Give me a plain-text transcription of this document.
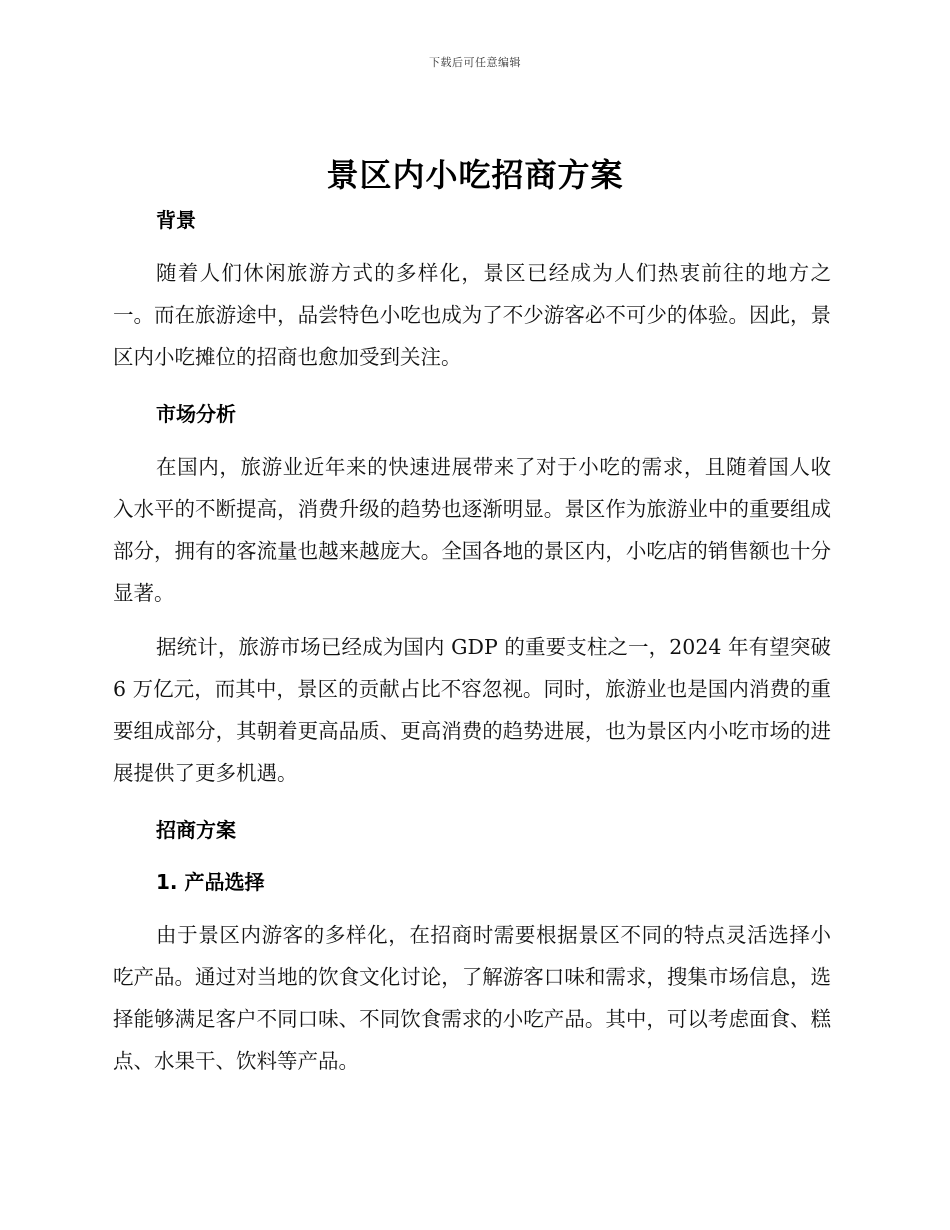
下载后可任意编辑
景区内小吃招商方案
背景

随着人们休闲旅游方式的多样化，景区已经成为人们热衷前往的地方之一。而在旅游途中，品尝特色小吃也成为了不少游客必不可少的体验。因此，景区内小吃摊位的招商也愈加受到关注。

市场分析

在国内，旅游业近年来的快速进展带来了对于小吃的需求，且随着国人收入水平的不断提高，消费升级的趋势也逐渐明显。景区作为旅游业中的重要组成部分，拥有的客流量也越来越庞大。全国各地的景区内，小吃店的销售额也十分显著。

据统计，旅游市场已经成为国内 GDP 的重要支柱之一，2024 年有望突破 6 万亿元，而其中，景区的贡献占比不容忽视。同时，旅游业也是国内消费的重要组成部分，其朝着更高品质、更高消费的趋势进展，也为景区内小吃市场的进展提供了更多机遇。

招商方案
1. 产品选择

由于景区内游客的多样化，在招商时需要根据景区不同的特点灵活选择小吃产品。通过对当地的饮食文化讨论，了解游客口味和需求，搜集市场信息，选择能够满足客户不同口味、不同饮食需求的小吃产品。其中，可以考虑面食、糕点、水果干、饮料等产品。
